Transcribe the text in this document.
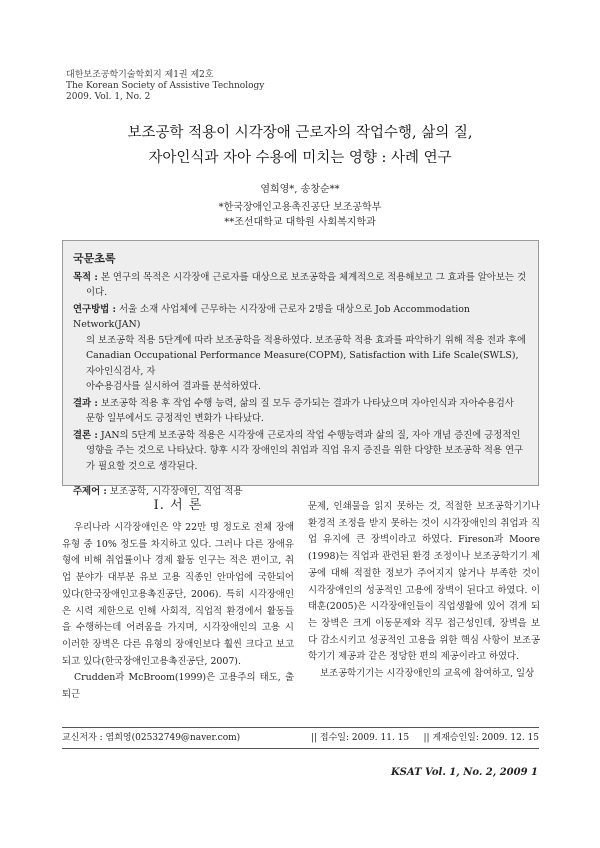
대한보조공학기술학회지 제1권 제2호
The Korean Society of Assistive Technology
2009. Vol. 1, No. 2
보조공학 적용이 시각장애 근로자의 작업수행, 삶의 질,
자아인식과 자아 수용에 미치는 영향 : 사례 연구
염희영*, 송창순**
*한국장애인고용촉진공단 보조공학부
**조선대학교 대학원 사회복지학과
국문초록
목적 : 본 연구의 목적은 시각장애 근로자를 대상으로 보조공학을 체계적으로 적용해보고 그 효과를 알아보는 것
이다.
연구방법 : 서울 소재 사업체에 근무하는 시각장애 근로자 2명을 대상으로 Job Accommodation Network(JAN)
의 보조공학 적용 5단계에 따라 보조공학을 적용하였다. 보조공학 적용 효과를 파악하기 위해 적용 전과 후에
Canadian Occupational Performance Measure(COPM), Satisfaction with Life Scale(SWLS), 자아인식검사, 자
아수용검사를 실시하여 결과를 분석하였다.
결과 : 보조공학 적용 후 작업 수행 능력, 삶의 질 모두 증가되는 결과가 나타났으며 자아인식과 자아수용검사
문항 일부에서도 긍정적인 변화가 나타났다.
결론 : JAN의 5단계 보조공학 적용은 시각장애 근로자의 작업 수행능력과 삶의 질, 자아 개념 증진에 긍정적인
영향을 주는 것으로 나타났다. 향후 시각 장애인의 취업과 직업 유지 증진을 위한 다양한 보조공학 적용 연구
가 필요할 것으로 생각된다.
주제어 : 보조공학, 시각장애인, 직업 적용
Ⅰ. 서 론

우리나라 시각장애인은 약 22만 명 정도로 전체 장애유형 중 10% 정도를 차지하고 있다. 그러나 다른 장애유형에 비해 취업률이나 경제 활동 인구는 적은 편이고, 취업 분야가 대부분 유보 고용 직종인 안마업에 국한되어 있다(한국장애인고용촉진공단, 2006). 특히 시각장애인은 시력 제한으로 인해 사회적, 직업적 환경에서 활동들을 수행하는데 어려움을 가지며, 시각장애인의 고용 시 이러한 장벽은 다른 유형의 장애인보다 훨씬 크다고 보고되고 있다(한국장애인고용촉진공단, 2007).

Crudden과 McBroom(1999)은 고용주의 태도, 출퇴근

문제, 인쇄물을 읽지 못하는 것, 적절한 보조공학기기나 환경적 조정을 받지 못하는 것이 시각장애인의 취업과 직업 유지에 큰 장벽이라고 하였다. Fireson과 Moore (1998)는 직업과 관련된 환경 조정이나 보조공학기기 제공에 대해 적절한 정보가 주어지지 않거나 부족한 것이 시각장애인의 성공적인 고용에 장벽이 된다고 하였다. 이태훈(2005)은 시각장애인들이 직업생활에 있어 겪게 되는 장벽은 크게 이동문제와 직무 접근성인데, 장벽을 보다 감소시키고 성공적인 고용을 위한 핵심 사항이 보조공학기기 제공과 같은 정당한 편의 제공이라고 하였다.

보조공학기기는 시각장애인의 교육에 참여하고, 일상

교신저자 : 염희영(02532749@naver.com)	|| 접수일: 2009. 11. 15 || 게재승인일: 2009. 12. 15
KSAT Vol. 1, No. 2, 2009 1
